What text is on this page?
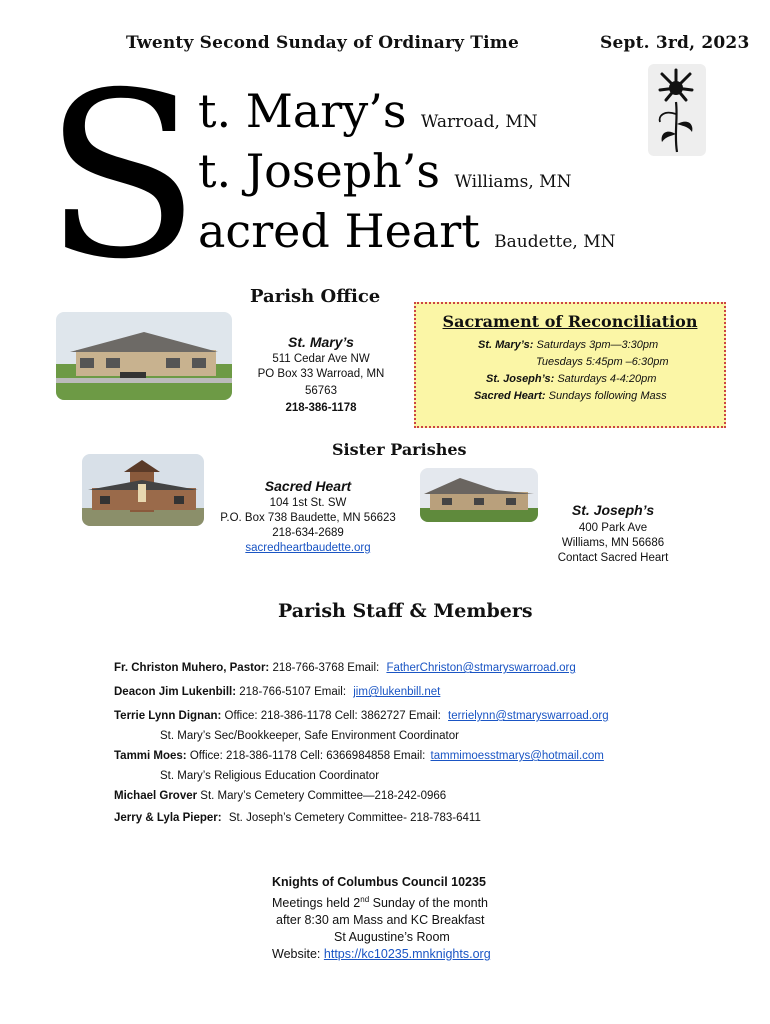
Twenty Second Sunday of Ordinary Time	Sept. 3rd, 2023
S
t. Mary’s Warroad, MN
t. Joseph’s Williams, MN
acred Heart Baudette, MN
Parish Office
St. Mary’s
511 Cedar Ave NW
PO Box 33 Warroad, MN
56763
218-386-1178
Sacrament of Reconciliation
St. Mary’s: Saturdays 3pm—3:30pm
Tuesdays 5:45pm –6:30pm
St. Joseph’s: Saturdays 4-4:20pm
Sacred Heart: Sundays following Mass
Sister Parishes
Sacred Heart
104 1st St. SW
P.O. Box 738 Baudette, MN 56623
218-634-2689
sacredheartbaudette.org
St. Joseph’s
400 Park Ave
Williams, MN 56686
Contact Sacred Heart
Parish Staff & Members
Fr. Christon Muhero, Pastor: 218-766-3768 Email: FatherChriston@stmaryswarroad.org
Deacon Jim Lukenbill: 218-766-5107 Email: jim@lukenbill.net
Terrie Lynn Dignan: Office: 218-386-1178 Cell: 3862727 Email: terrielynn@stmaryswarroad.org
St. Mary’s Sec/Bookkeeper, Safe Environment Coordinator
Tammi Moes: Office: 218-386-1178 Cell: 6366984858 Email: tammimoesstmarys@hotmail.com
St. Mary’s Religious Education Coordinator
Michael Grover St. Mary’s Cemetery Committee—218-242-0966
Jerry & Lyla Pieper: St. Joseph’s Cemetery Committee- 218-783-6411
Knights of Columbus Council 10235
Meetings held 2nd Sunday of the month
after 8:30 am Mass and KC Breakfast
St Augustine’s Room
Website: https://kc10235.mnknights.org
